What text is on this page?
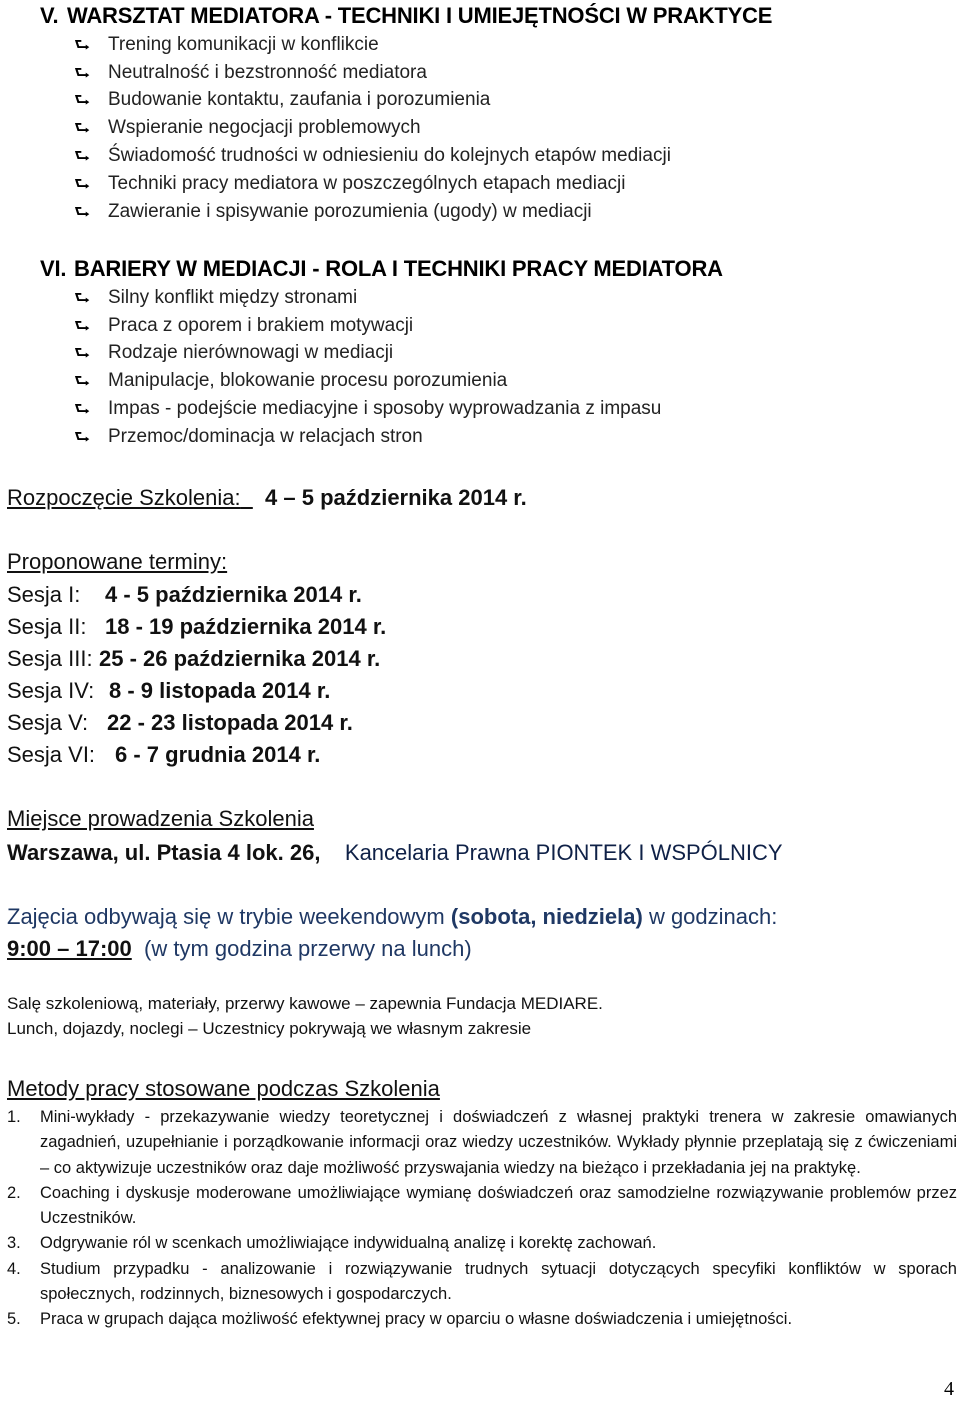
V. WARSZTAT MEDIATORA - TECHNIKI I UMIEJĘTNOŚCI W PRAKTYCE
⮑ Trening komunikacji w konflikcie
⮑ Neutralność i bezstronność mediatora
⮑ Budowanie kontaktu, zaufania i porozumienia
⮑ Wspieranie negocjacji problemowych
⮑ Świadomość trudności w odniesieniu do kolejnych etapów mediacji
⮑ Techniki pracy mediatora w poszczególnych etapach mediacji
⮑ Zawieranie i spisywanie porozumienia (ugody) w mediacji
VI. BARIERY W MEDIACJI - ROLA I TECHNIKI PRACY MEDIATORA
⮑ Silny konflikt między stronami
⮑ Praca z oporem i brakiem motywacji
⮑ Rodzaje nierównowagi w mediacji
⮑ Manipulacje, blokowanie procesu porozumienia
⮑ Impas - podejście mediacyjne i sposoby wyprowadzania z impasu
⮑ Przemoc/dominacja w relacjach stron
Rozpoczęcie Szkolenia: 4 – 5 października 2014 r.
Proponowane terminy:
Sesja I: 4 - 5 października 2014 r.
Sesja II: 18 - 19 października 2014 r.
Sesja III: 25 - 26 października 2014 r.
Sesja IV: 8 - 9 listopada 2014 r.
Sesja V: 22 - 23 listopada 2014 r.
Sesja VI: 6 - 7 grudnia 2014 r.
Miejsce prowadzenia Szkolenia
Warszawa, ul. Ptasia 4 lok. 26, Kancelaria Prawna PIONTEK I WSPÓLNICY
Zajęcia odbywają się w trybie weekendowym (sobota, niedziela) w godzinach:
9:00 – 17:00 (w tym godzina przerwy na lunch)
Salę szkoleniową, materiały, przerwy kawowe – zapewnia Fundacja MEDIARE.
Lunch, dojazdy, noclegi – Uczestnicy pokrywają we własnym zakresie
Metody pracy stosowane podczas Szkolenia
1. Mini-wykłady - przekazywanie wiedzy teoretycznej i doświadczeń z własnej praktyki trenera w zakresie omawianych zagadnień, uzupełnianie i porządkowanie informacji oraz wiedzy uczestników. Wykłady płynnie przeplatają się z ćwiczeniami – co aktywizuje uczestników oraz daje możliwość przyswajania wiedzy na bieżąco i przekładania jej na praktykę.
2. Coaching i dyskusje moderowane umożliwiające wymianę doświadczeń oraz samodzielne rozwiązywanie problemów przez Uczestników.
3. Odgrywanie ról w scenkach umożliwiające indywidualną analizę i korektę zachowań.
4. Studium przypadku - analizowanie i rozwiązywanie trudnych sytuacji dotyczących specyfiki konfliktów w sporach społecznych, rodzinnych, biznesowych i gospodarczych.
5. Praca w grupach dająca możliwość efektywnej pracy w oparciu o własne doświadczenia i umiejętności.
4
